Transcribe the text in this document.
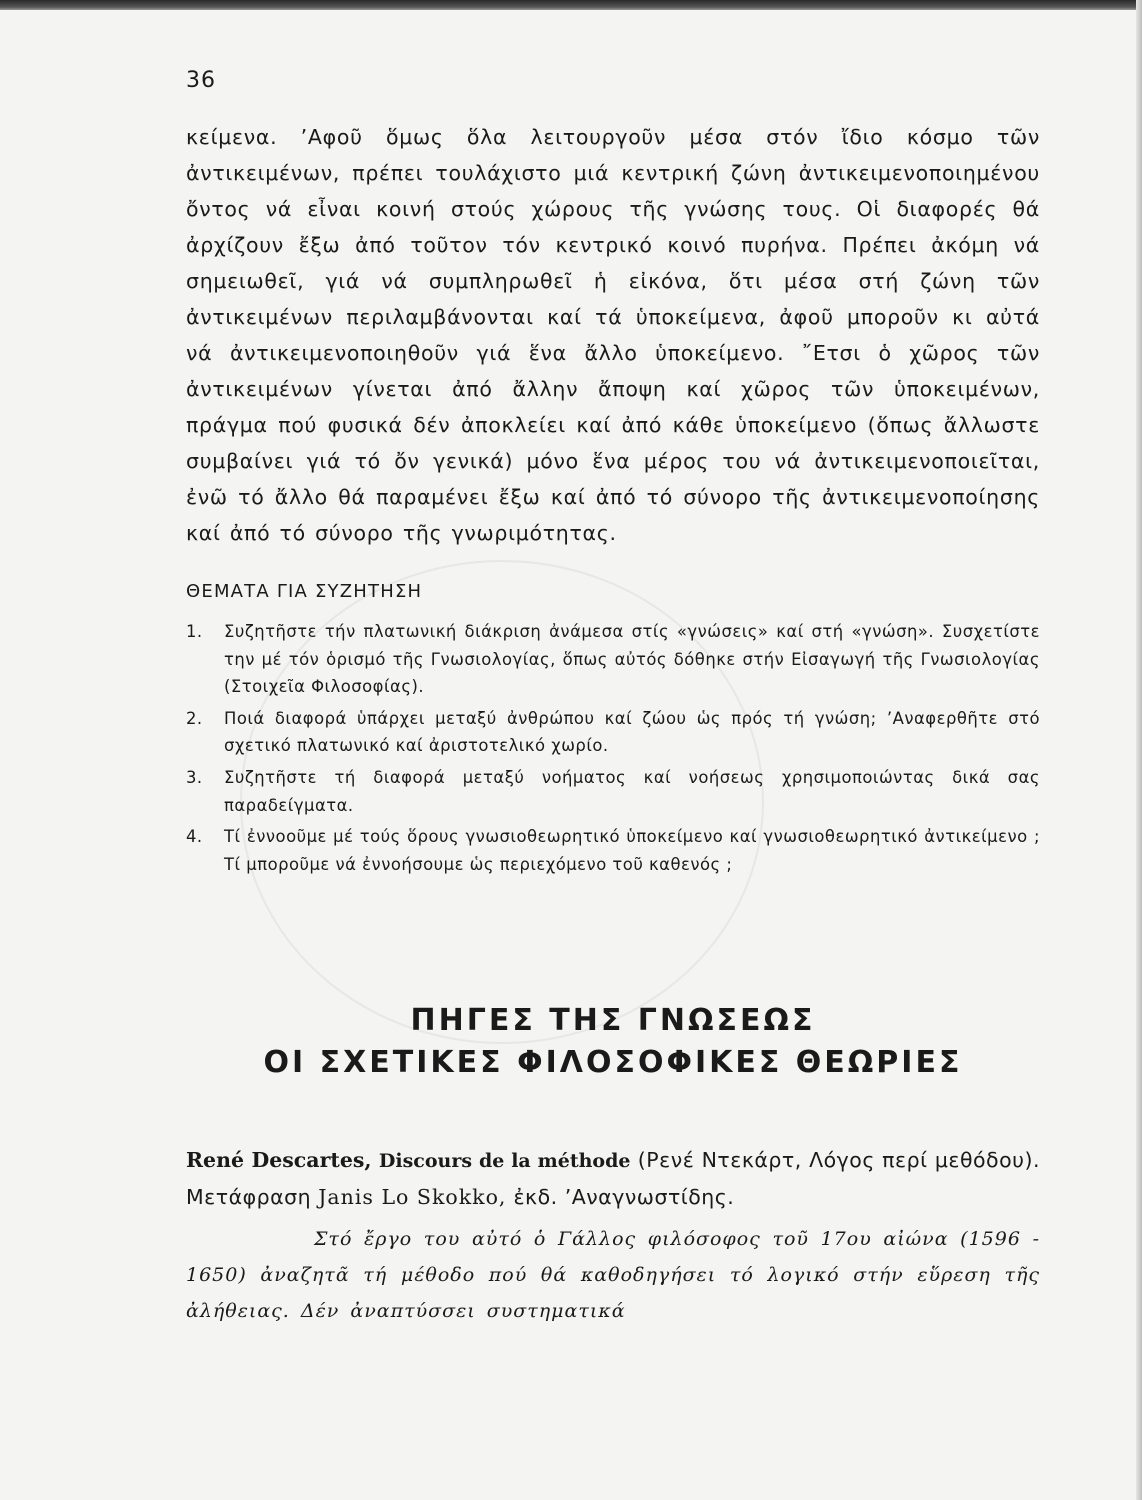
36

κείμενα. ’Αφοῦ ὅμως ὅλα λειτουργοῦν μέσα στόν ἴδιο κόσμο τῶν ἀντικειμένων, πρέπει τουλάχιστο μιά κεντρική ζώνη ἀντικειμενοποιημένου ὄντος νά εἶναι κοινή στούς χώρους τῆς γνώσης τους. Οἱ διαφορές θά ἀρχίζουν ἔξω ἀπό τοῦτον τόν κεντρικό κοινό πυρήνα. Πρέπει ἀκόμη νά σημειωθεῖ, γιά νά συμπληρωθεῖ ἡ εἰκόνα, ὅτι μέσα στή ζώνη τῶν ἀντικειμένων περιλαμβάνονται καί τά ὑποκείμενα, ἀφοῦ μποροῦν κι αὐτά νά ἀντικειμενοποιηθοῦν γιά ἕνα ἄλλο ὑποκείμενο. ῎Ετσι ὁ χῶρος τῶν ἀντικειμένων γίνεται ἀπό ἄλλην ἄποψη καί χῶρος τῶν ὑποκειμένων, πράγμα πού φυσικά δέν ἀποκλείει καί ἀπό κάθε ὑποκείμενο (ὅπως ἄλλωστε συμβαίνει γιά τό ὄν γενικά) μόνο ἕνα μέρος του νά ἀντικειμενοποιεῖται, ἐνῶ τό ἄλλο θά παραμένει ἔξω καί ἀπό τό σύνορο τῆς ἀντικειμενοποίησης καί ἀπό τό σύνορο τῆς γνωριμότητας.

ΘΕΜΑΤΑ ΓΙΑ ΣΥΖΗΤΗΣΗ
1. Συζητῆστε τήν πλατωνική διάκριση ἀνάμεσα στίς «γνώσεις» καί στή «γνώση». Συσχετίστε την μέ τόν ὁρισμό τῆς Γνωσιολογίας, ὅπως αὐτός δόθηκε στήν Εἰσαγωγή τῆς Γνωσιολογίας (Στοιχεῖα Φιλοσοφίας).
2. Ποιά διαφορά ὑπάρχει μεταξύ ἀνθρώπου καί ζώου ὡς πρός τή γνώση; ’Αναφερθῆτε στό σχετικό πλατωνικό καί ἀριστοτελικό χωρίο.
3. Συζητῆστε τή διαφορά μεταξύ νοήματος καί νοήσεως χρησιμοποιώντας δικά σας παραδείγματα.
4. Τί ἐννοοῦμε μέ τούς ὅρους γνωσιοθεωρητικό ὑποκείμενο καί γνωσιοθεωρητικό ἀντικείμενο ; Τί μποροῦμε νά ἐννοήσουμε ὡς περιεχόμενο τοῦ καθενός ;
ΠΗΓΕΣ ΤΗΣ ΓΝΩΣΕΩΣ
ΟΙ ΣΧΕΤΙΚΕΣ ΦΙΛΟΣΟΦΙΚΕΣ ΘΕΩΡΙΕΣ

René Descartes, Discours de la méthode (Ρενέ Ντεκάρτ, Λόγος περί μεθόδου). Μετάφραση Janis Lo Skokko, ἐκδ. ’Αναγνωστίδης.

Στό ἔργο του αὐτό ὁ Γάλλος φιλόσοφος τοῦ 17ου αἰώνα (1596 - 1650) ἀναζητᾶ τή μέθοδο πού θά καθοδηγήσει τό λογικό στήν εὕρεση τῆς ἀλήθειας. Δέν ἀναπτύσσει συστηματικά
